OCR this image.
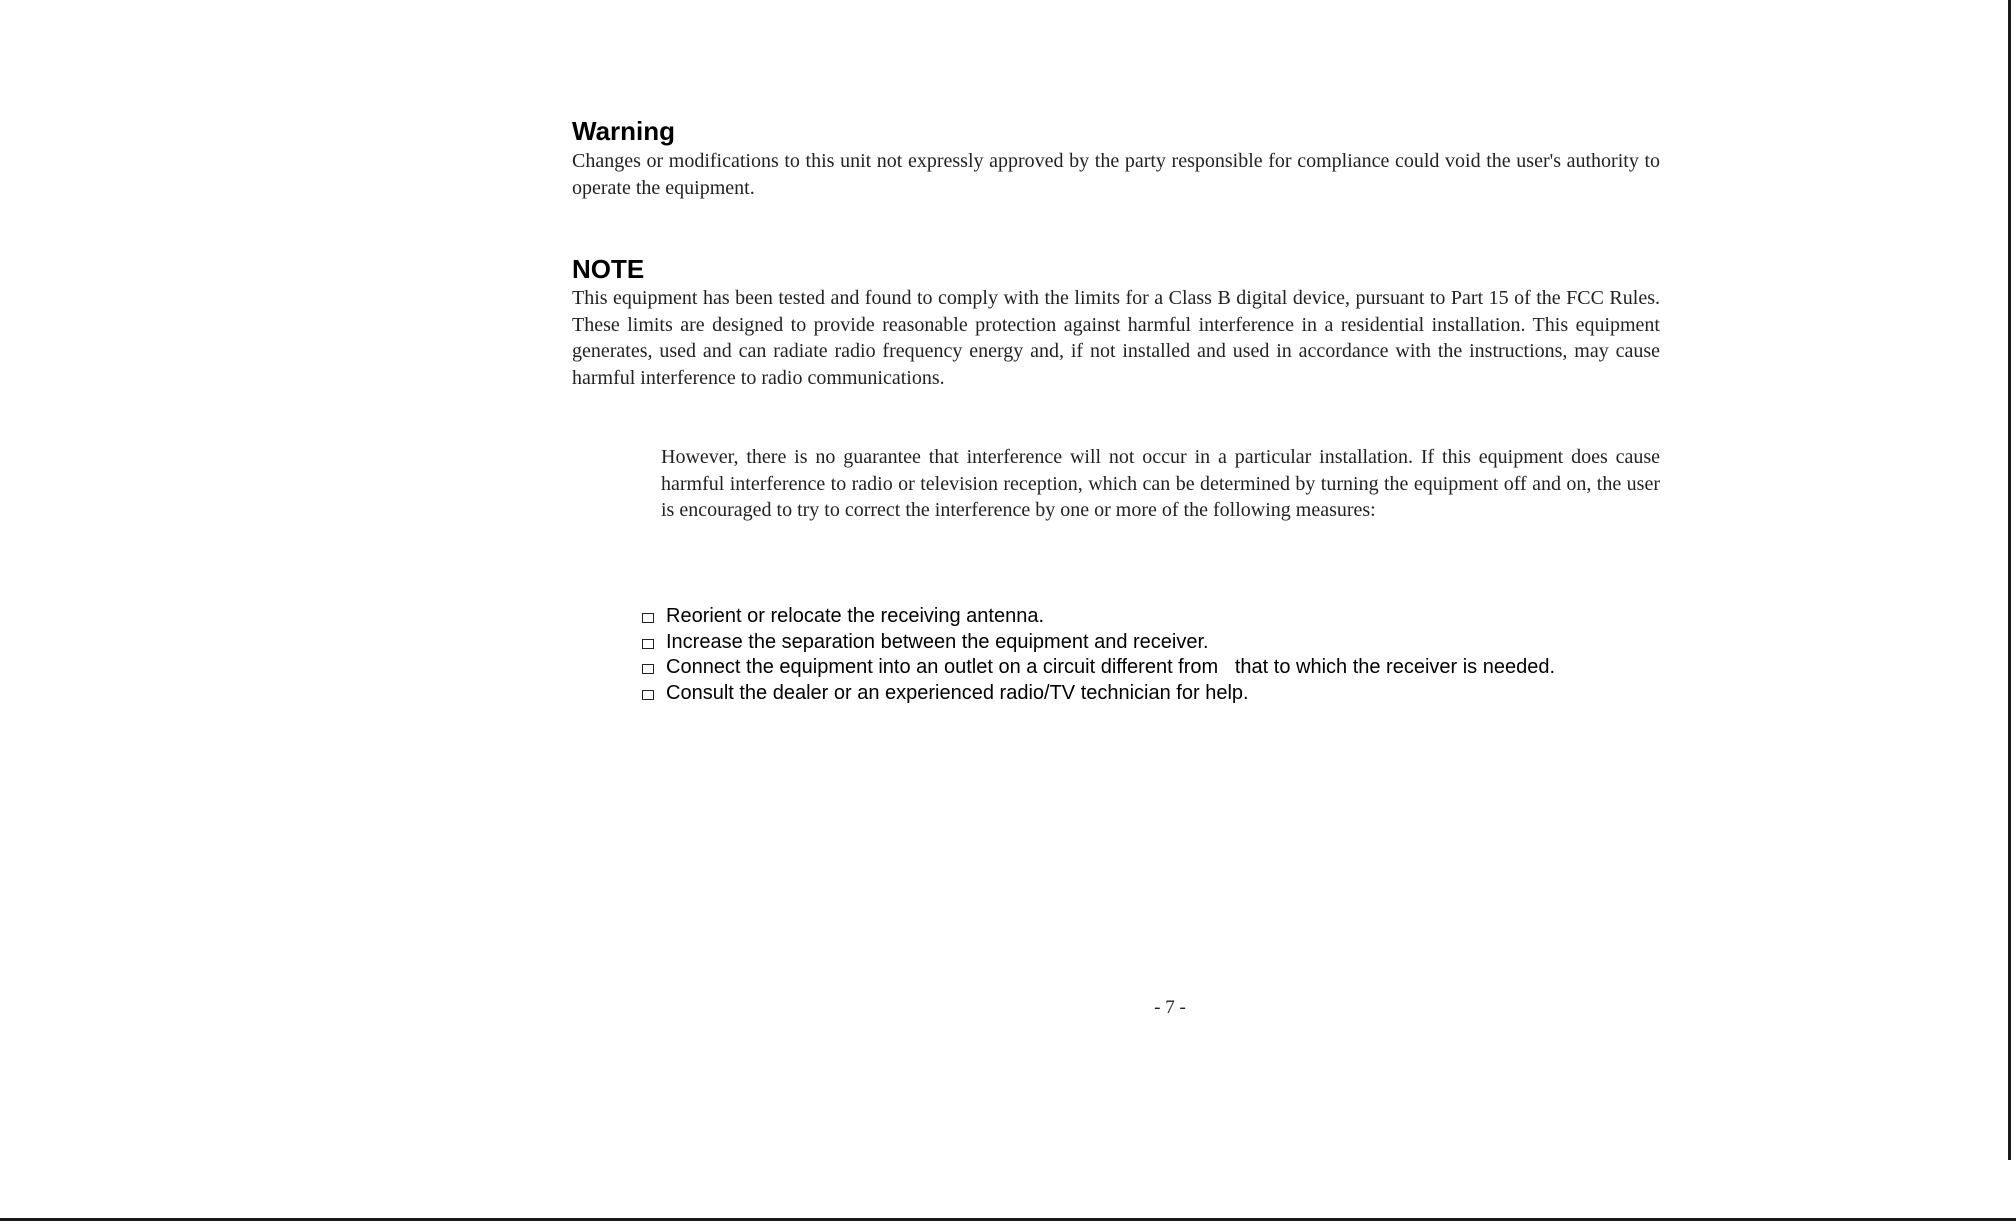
Warning

Changes or modifications to this unit not expressly approved by the party responsible for compliance could void the user's authority to operate the equipment.

NOTE

This equipment has been tested and found to comply with the limits for a Class B digital device, pursuant to Part 15 of the FCC Rules. These limits are designed to provide reasonable protection against harmful interference in a residential installation. This equipment generates, used and can radiate radio frequency energy and, if not installed and used in accordance with the instructions, may cause harmful interference to radio communications.

However, there is no guarantee that interference will not occur in a particular installation. If this equipment does cause harmful interference to radio or television reception, which can be determined by turning the equipment off and on, the user is encouraged to try to correct the interference by one or more of the following measures:

Reorient or relocate the receiving antenna.
Increase the separation between the equipment and receiver.
Connect the equipment into an outlet on a circuit different from   that to which the receiver is needed.
Consult the dealer or an experienced radio/TV technician for help.
- 7 -
